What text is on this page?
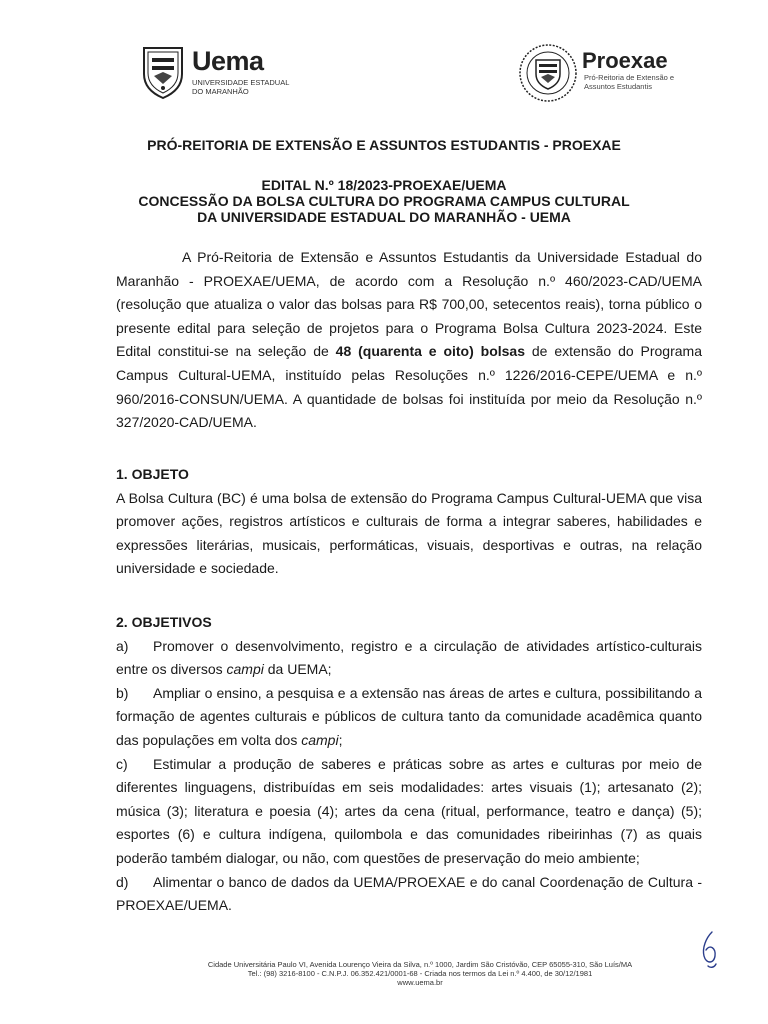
Uema
UNIVERSIDADE ESTADUAL
DO MARANHÃO
Proexae
Pró-Reitoria de Extensão e
Assuntos Estudantis
PRÓ-REITORIA DE EXTENSÃO E ASSUNTOS ESTUDANTIS - PROEXAE
EDITAL N.º 18/2023-PROEXAE/UEMA
CONCESSÃO DA BOLSA CULTURA DO PROGRAMA CAMPUS CULTURAL
DA UNIVERSIDADE ESTADUAL DO MARANHÃO - UEMA

A Pró-Reitoria de Extensão e Assuntos Estudantis da Universidade Estadual do Maranhão - PROEXAE/UEMA, de acordo com a Resolução n.º 460/2023-CAD/UEMA (resolução que atualiza o valor das bolsas para R$ 700,00, setecentos reais), torna público o presente edital para seleção de projetos para o Programa Bolsa Cultura 2023-2024. Este Edital constitui-se na seleção de 48 (quarenta e oito) bolsas de extensão do Programa Campus Cultural-UEMA, instituído pelas Resoluções n.º 1226/2016-CEPE/UEMA e n.º 960/2016-CONSUN/UEMA. A quantidade de bolsas foi instituída por meio da Resolução n.º 327/2020-CAD/UEMA.

1. OBJETO

A Bolsa Cultura (BC) é uma bolsa de extensão do Programa Campus Cultural-UEMA que visa promover ações, registros artísticos e culturais de forma a integrar saberes, habilidades e expressões literárias, musicais, performáticas, visuais, desportivas e outras, na relação universidade e sociedade.

2. OBJETIVOS

a) Promover o desenvolvimento, registro e a circulação de atividades artístico-culturais entre os diversos campi da UEMA;

b) Ampliar o ensino, a pesquisa e a extensão nas áreas de artes e cultura, possibilitando a formação de agentes culturais e públicos de cultura tanto da comunidade acadêmica quanto das populações em volta dos campi;

c) Estimular a produção de saberes e práticas sobre as artes e culturas por meio de diferentes linguagens, distribuídas em seis modalidades: artes visuais (1); artesanato (2); música (3); literatura e poesia (4); artes da cena (ritual, performance, teatro e dança) (5); esportes (6) e cultura indígena, quilombola e das comunidades ribeirinhas (7) as quais poderão também dialogar, ou não, com questões de preservação do meio ambiente;

d) Alimentar o banco de dados da UEMA/PROEXAE e do canal Coordenação de Cultura - PROEXAE/UEMA.

Cidade Universitária Paulo VI, Avenida Lourenço Vieira da Silva, n.º 1000, Jardim São Cristóvão, CEP 65055-310, São Luís/MA
Tel.: (98) 3216-8100 - C.N.P.J. 06.352.421/0001-68 - Criada nos termos da Lei n.º 4.400, de 30/12/1981
www.uema.br
